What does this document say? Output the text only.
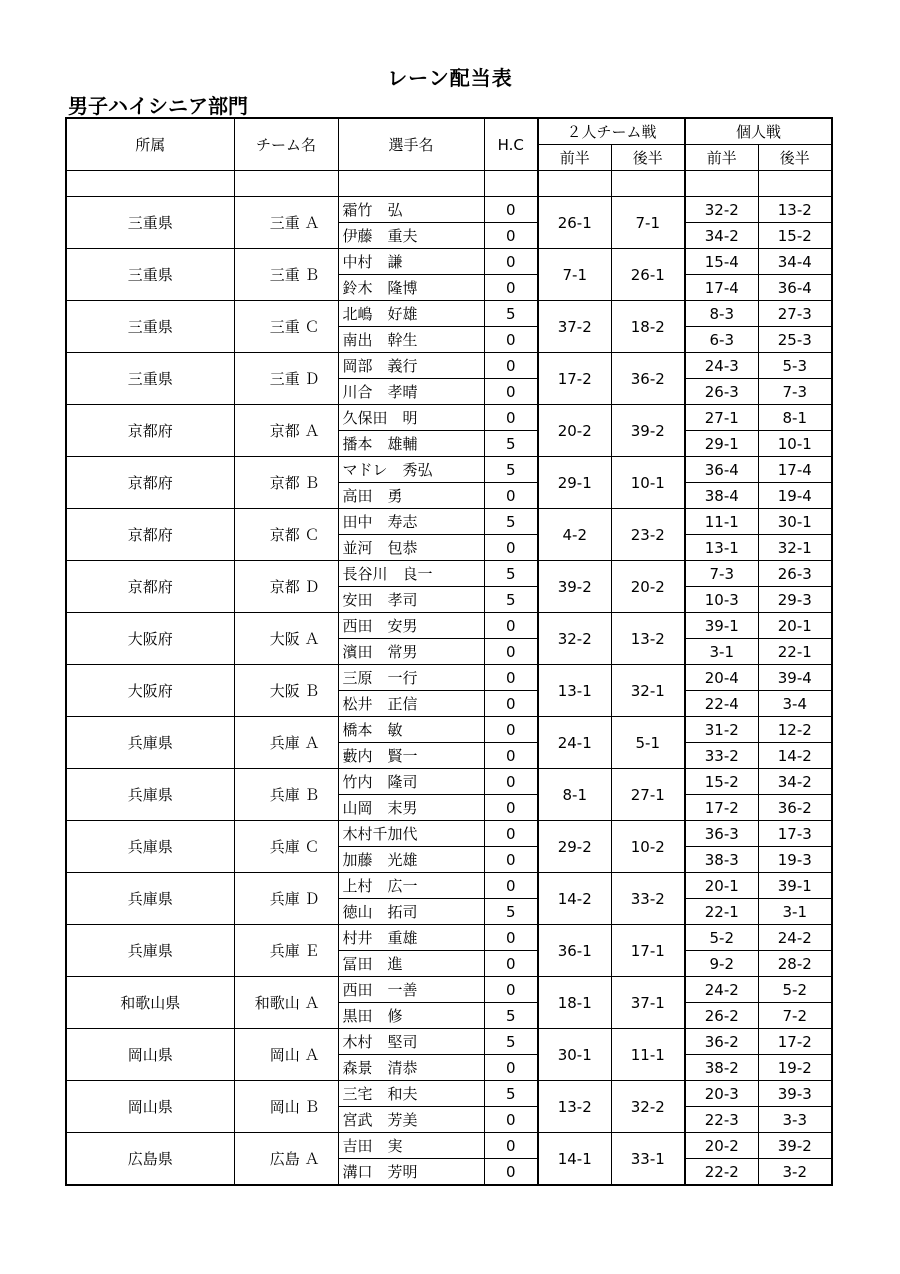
レーン配当表
男子ハイシニア部門
所属	チーム名	選手名	H.C	２人チーム戦		個人戦	
				前半	後半	前半	後半

三重県	三重 Ａ	霜竹　弘	0	26-1	7-1	32-2	13-2
		伊藤　重夫	0			34-2	15-2
三重県	三重 Ｂ	中村　謙	0	7-1	26-1	15-4	34-4
		鈴木　隆博	0			17-4	36-4
三重県	三重 Ｃ	北嶋　好雄	5	37-2	18-2	8-3	27-3
		南出　幹生	0			6-3	25-3
三重県	三重 Ｄ	岡部　義行	0	17-2	36-2	24-3	5-3
		川合　孝晴	0			26-3	7-3
京都府	京都 Ａ	久保田　明	0	20-2	39-2	27-1	8-1
		播本　雄輔	5			29-1	10-1
京都府	京都 Ｂ	マドレ　秀弘	5	29-1	10-1	36-4	17-4
		高田　勇	0			38-4	19-4
京都府	京都 Ｃ	田中　寿志	5	4-2	23-2	11-1	30-1
		並河　包恭	0			13-1	32-1
京都府	京都 Ｄ	長谷川　良一	5	39-2	20-2	7-3	26-3
		安田　孝司	5			10-3	29-3
大阪府	大阪 Ａ	西田　安男	0	32-2	13-2	39-1	20-1
		濱田　常男	0			3-1	22-1
大阪府	大阪 Ｂ	三原　一行	0	13-1	32-1	20-4	39-4
		松井　正信	0			22-4	3-4
兵庫県	兵庫 Ａ	橋本　敏	0	24-1	5-1	31-2	12-2
		藪内　賢一	0			33-2	14-2
兵庫県	兵庫 Ｂ	竹内　隆司	0	8-1	27-1	15-2	34-2
		山岡　末男	0			17-2	36-2
兵庫県	兵庫 Ｃ	木村千加代	0	29-2	10-2	36-3	17-3
		加藤　光雄	0			38-3	19-3
兵庫県	兵庫 Ｄ	上村　広一	0	14-2	33-2	20-1	39-1
		徳山　拓司	5			22-1	3-1
兵庫県	兵庫 Ｅ	村井　重雄	0	36-1	17-1	5-2	24-2
		冨田　進	0			9-2	28-2
和歌山県	和歌山 Ａ	西田　一善	0	18-1	37-1	24-2	5-2
		黒田　修	5			26-2	7-2
岡山県	岡山 Ａ	木村　堅司	5	30-1	11-1	36-2	17-2
		森景　清恭	0			38-2	19-2
岡山県	岡山 Ｂ	三宅　和夫	5	13-2	32-2	20-3	39-3
		宮武　芳美	0			22-3	3-3
広島県	広島 Ａ	吉田　実	0	14-1	33-1	20-2	39-2
		溝口　芳明	0			22-2	3-2
